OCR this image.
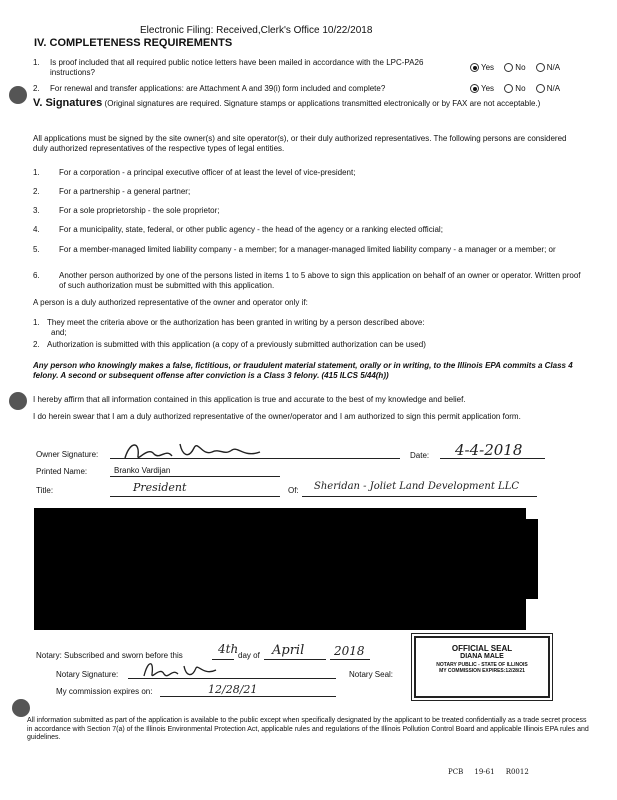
Electronic Filing: Received,Clerk's Office 10/22/2018
IV. COMPLETENESS REQUIREMENTS
1. Is proof included that all required public notice letters have been mailed in accordance with the LPC-PA26 instructions?
Yes	No	N/A
2. For renewal and transfer applications: are Attachment A and 39(i) form included and complete?	Yes	No	N/A
V. Signatures (Original signatures are required. Signature stamps or applications transmitted electronically or by FAX are not acceptable.)
All applications must be signed by the site owner(s) and site operator(s), or their duly authorized representatives. The following persons are considered duly authorized representatives of the respective types of legal entities.
1.	For a corporation - a principal executive officer of at least the level of vice-president;
2.	For a partnership - a general partner;
3.	For a sole proprietorship - the sole proprietor;
4.	For a municipality, state, federal, or other public agency - the head of the agency or a ranking elected official;
5.	For a member-managed limited liability company - a member; for a manager-managed limited liability company - a manager or a member; or
6.	Another person authorized by one of the persons listed in items 1 to 5 above to sign this application on behalf of an owner or operator. Written proof of such authorization must be submitted with this application.
A person is a duly authorized representative of the owner and operator only if:
1. They meet the criteria above or the authorization has been granted in writing by a person described above:
and;
2. Authorization is submitted with this application (a copy of a previously submitted authorization can be used)
Any person who knowingly makes a false, fictitious, or fraudulent material statement, orally or in writing, to the Illinois EPA commits a Class 4 felony. A second or subsequent offense after conviction is a Class 3 felony. (415 ILCS 5/44(h))
I hereby affirm that all information contained in this application is true and accurate to the best of my knowledge and belief.
I do herein swear that I am a duly authorized representative of the owner/operator and I am authorized to sign this permit application form.
Owner Signature:	Date: 4-4-2018
Printed Name:	Branko Vardijan
Title:	President	Of: Sheridan - Joliet Land Development LLC
Notary: Subscribed and sworn before this	4th day of April 2018
Notary Signature:	Notary Seal:
My commission expires on:	12/28/21
OFFICIAL SEAL
DIANA MALE
NOTARY PUBLIC - STATE OF ILLINOIS
MY COMMISSION EXPIRES:12/28/21
All information submitted as part of the application is available to the public except when specifically designated by the applicant to be treated confidentially as a trade secret process in accordance with Section 7(a) of the Illinois Environmental Protection Act, applicable rules and regulations of the Illinois Pollution Control Board and applicable Illinois EPA rules and guidelines.
PCB 19-61 R0012
